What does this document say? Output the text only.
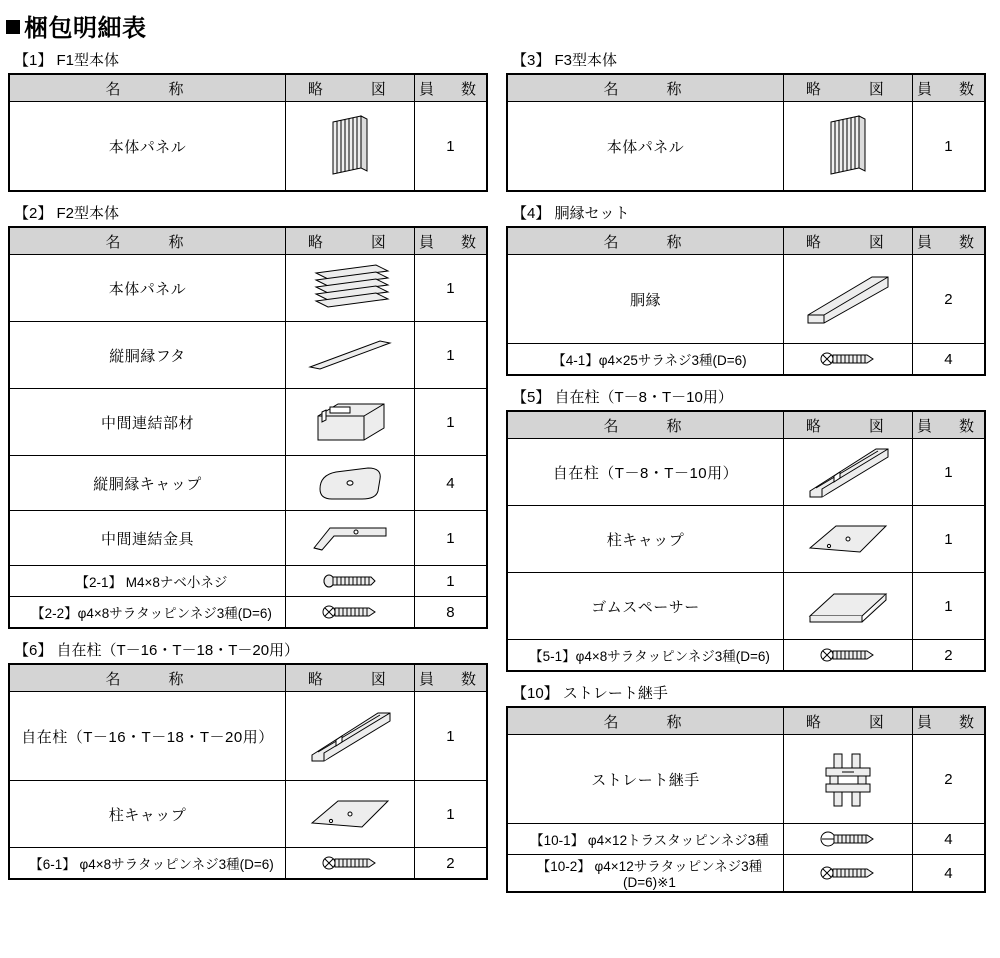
梱包明細表
【1】 F1型本体
名　　称	略　　図	員　数
本体パネル		1
【2】 F2型本体
名　　称	略　　図	員　数
本体パネル		1
縦胴縁フタ		1
中間連結部材		1
縦胴縁キャップ		4
中間連結金具		1
【2-1】 M4×8ナベ小ネジ		1
【2-2】φ4×8サラタッピンネジ3種(D=6)		8
【6】 自在柱（T－16・T－18・T－20用）
名　　称	略　　図	員　数
自在柱（T－16・T－18・T－20用）		1
柱キャップ		1
【6-1】 φ4×8サラタッピンネジ3種(D=6)		2
【3】 F3型本体
名　　称	略　　図	員　数
本体パネル		1
【4】 胴縁セット
名　　称	略　　図	員　数
胴縁		2
【4-1】φ4×25サラネジ3種(D=6)		4
【5】 自在柱（T－8・T－10用）
名　　称	略　　図	員　数
自在柱（T－8・T－10用）		1
柱キャップ		1
ゴムスペーサー		1
【5-1】φ4×8サラタッピンネジ3種(D=6)		2
【10】 ストレート継手
名　　称	略　　図	員　数
ストレート継手		2
【10-1】 φ4×12トラスタッピンネジ3種		4
【10-2】 φ4×12サラタッピンネジ3種(D=6)※1		4
